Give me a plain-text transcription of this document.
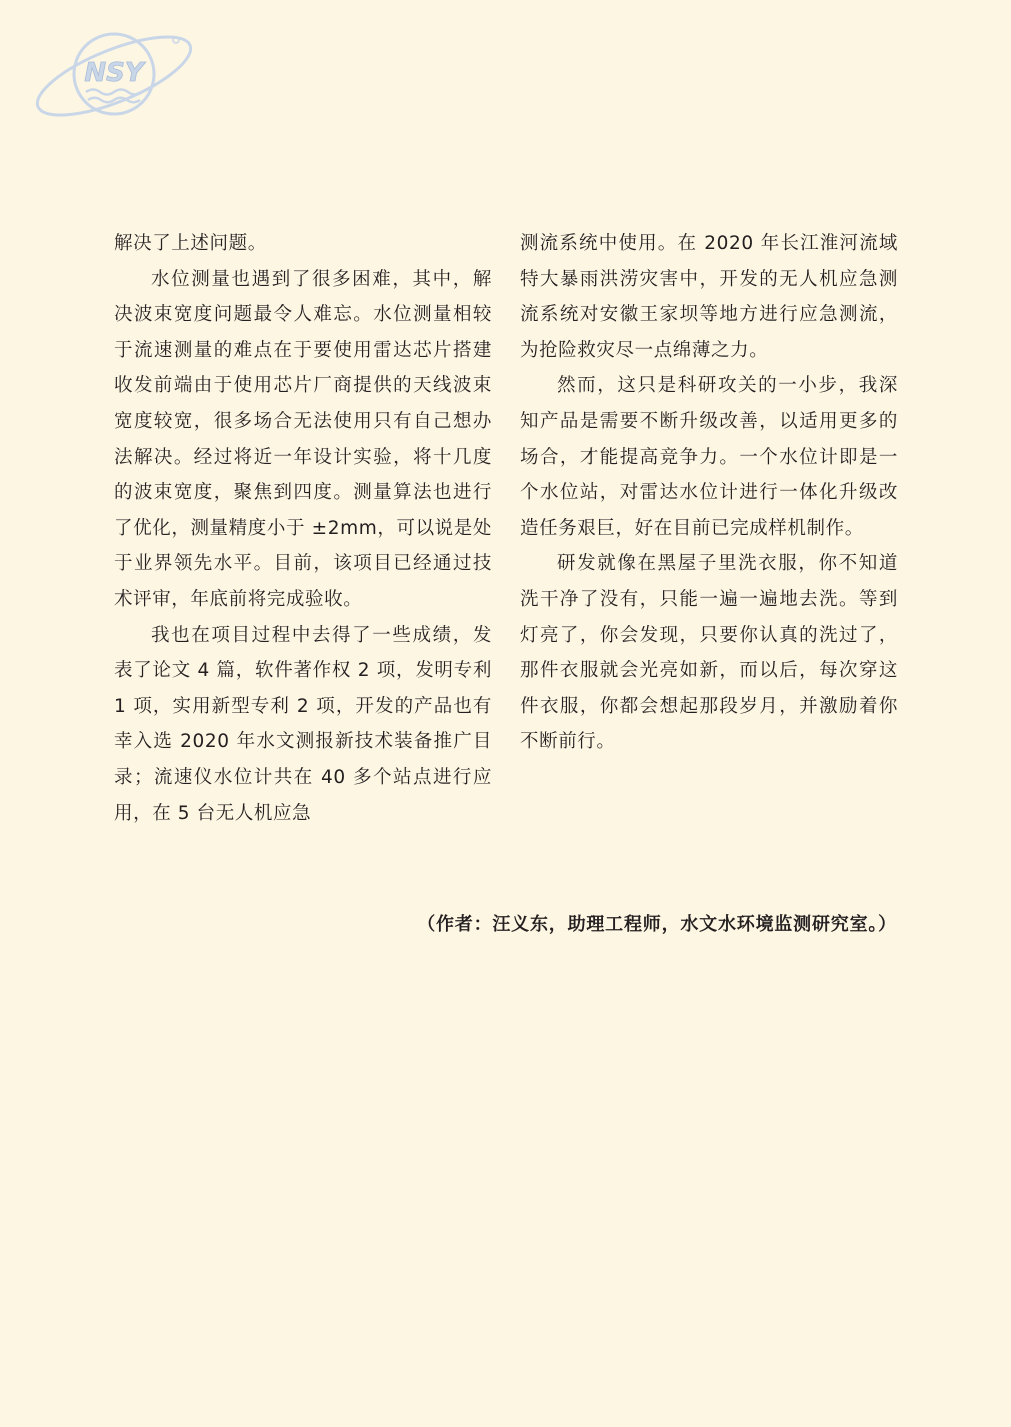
NSY

解决了上述问题。

水位测量也遇到了很多困难，其中，解决波束宽度问题最令人难忘。水位测量相较于流速测量的难点在于要使用雷达芯片搭建收发前端由于使用芯片厂商提供的天线波束宽度较宽，很多场合无法使用只有自己想办法解决。经过将近一年设计实验，将十几度的波束宽度，聚焦到四度。测量算法也进行了优化，测量精度小于 ±2mm，可以说是处于业界领先水平。目前，该项目已经通过技术评审，年底前将完成验收。

我也在项目过程中去得了一些成绩，发表了论文 4 篇，软件著作权 2 项，发明专利 1 项，实用新型专利 2 项，开发的产品也有幸入选 2020 年水文测报新技术装备推广目录；流速仪水位计共在 40 多个站点进行应用，在 5 台无人机应急

测流系统中使用。在 2020 年长江淮河流域特大暴雨洪涝灾害中，开发的无人机应急测流系统对安徽王家坝等地方进行应急测流，为抢险救灾尽一点绵薄之力。

然而，这只是科研攻关的一小步，我深知产品是需要不断升级改善，以适用更多的场合，才能提高竞争力。一个水位计即是一个水位站，对雷达水位计进行一体化升级改造任务艰巨，好在目前已完成样机制作。

研发就像在黑屋子里洗衣服，你不知道洗干净了没有，只能一遍一遍地去洗。等到灯亮了，你会发现，只要你认真的洗过了，那件衣服就会光亮如新，而以后，每次穿这件衣服，你都会想起那段岁月，并激励着你不断前行。

（作者：汪义东，助理工程师，水文水环境监测研究室。）
